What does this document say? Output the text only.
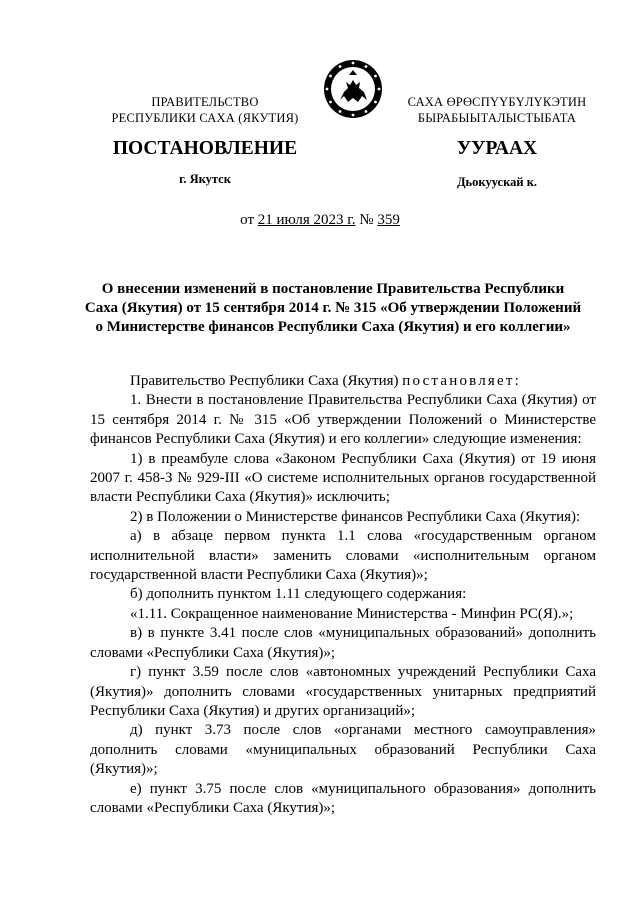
ПРАВИТЕЛЬСТВО
РЕСПУБЛИКИ САХА (ЯКУТИЯ)
САХА ӨРӨСПҮҮБҮЛҮКЭТИН
БЫРАБЫЫТАЛЫСТЫБАТА
ПОСТАНОВЛЕНИЕ	УУРААХ
г. Якутск	Дьокуускай к.
от 21 июля 2023 г. № 359
О внесении изменений в постановление Правительства Республики
Саха (Якутия) от 15 сентября 2014 г. № 315 «Об утверждении Положений
о Министерстве финансов Республики Саха (Якутия) и его коллегии»

Правительство Республики Саха (Якутия) постановляет:

1. Внести в постановление Правительства Республики Саха (Якутия) от 15 сентября 2014 г. № 315 «Об утверждении Положений о Министерстве финансов Республики Саха (Якутия) и его коллегии» следующие изменения:

1) в преамбуле слова «Законом Республики Саха (Якутия) от 19 июня 2007 г. 458-З № 929-III «О системе исполнительных органов государственной власти Республики Саха (Якутия)» исключить;

2) в Положении о Министерстве финансов Республики Саха (Якутия):

а) в абзаце первом пункта 1.1 слова «государственным органом исполнительной власти» заменить словами «исполнительным органом государственной власти Республики Саха (Якутия)»;

б) дополнить пунктом 1.11 следующего содержания:

«1.11. Сокращенное наименование Министерства - Минфин РС(Я).»;

в) в пункте 3.41 после слов «муниципальных образований» дополнить словами «Республики Саха (Якутия)»;

г) пункт 3.59 после слов «автономных учреждений Республики Саха (Якутия)» дополнить словами «государственных унитарных предприятий Республики Саха (Якутия) и других организаций»;

д) пункт 3.73 после слов «органами местного самоуправления» дополнить словами «муниципальных образований Республики Саха (Якутия)»;

е) пункт 3.75 после слов «муниципального образования» дополнить словами «Республики Саха (Якутия)»;
